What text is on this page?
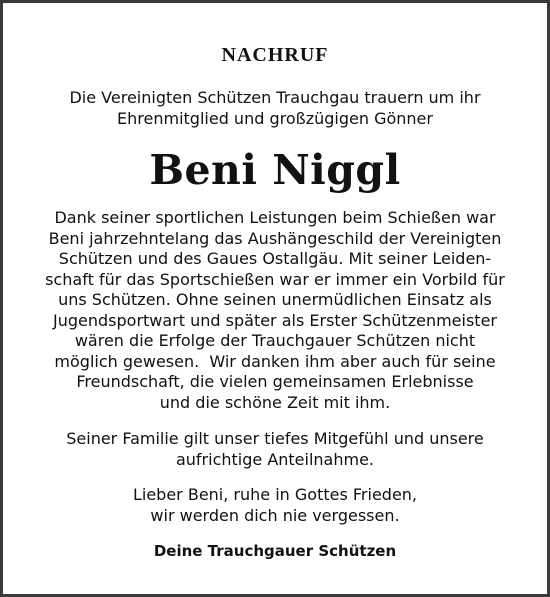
NACHRUF
Die Vereinigten Schützen Trauchgau trauern um ihr
Ehrenmitglied und großzügigen Gönner
Beni Niggl
Dank seiner sportlichen Leistungen beim Schießen war
Beni jahrzehntelang das Aushängeschild der Vereinigten
Schützen und des Gaues Ostallgäu. Mit seiner Leiden-
schaft für das Sportschießen war er immer ein Vorbild für
uns Schützen. Ohne seinen unermüdlichen Einsatz als
Jugendsportwart und später als Erster Schützenmeister
wären die Erfolge der Trauchgauer Schützen nicht
möglich gewesen.  Wir danken ihm aber auch für seine
Freundschaft, die vielen gemeinsamen Erlebnisse
und die schöne Zeit mit ihm.
Seiner Familie gilt unser tiefes Mitgefühl und unsere
aufrichtige Anteilnahme.
Lieber Beni, ruhe in Gottes Frieden,
wir werden dich nie vergessen.
Deine Trauchgauer Schützen
